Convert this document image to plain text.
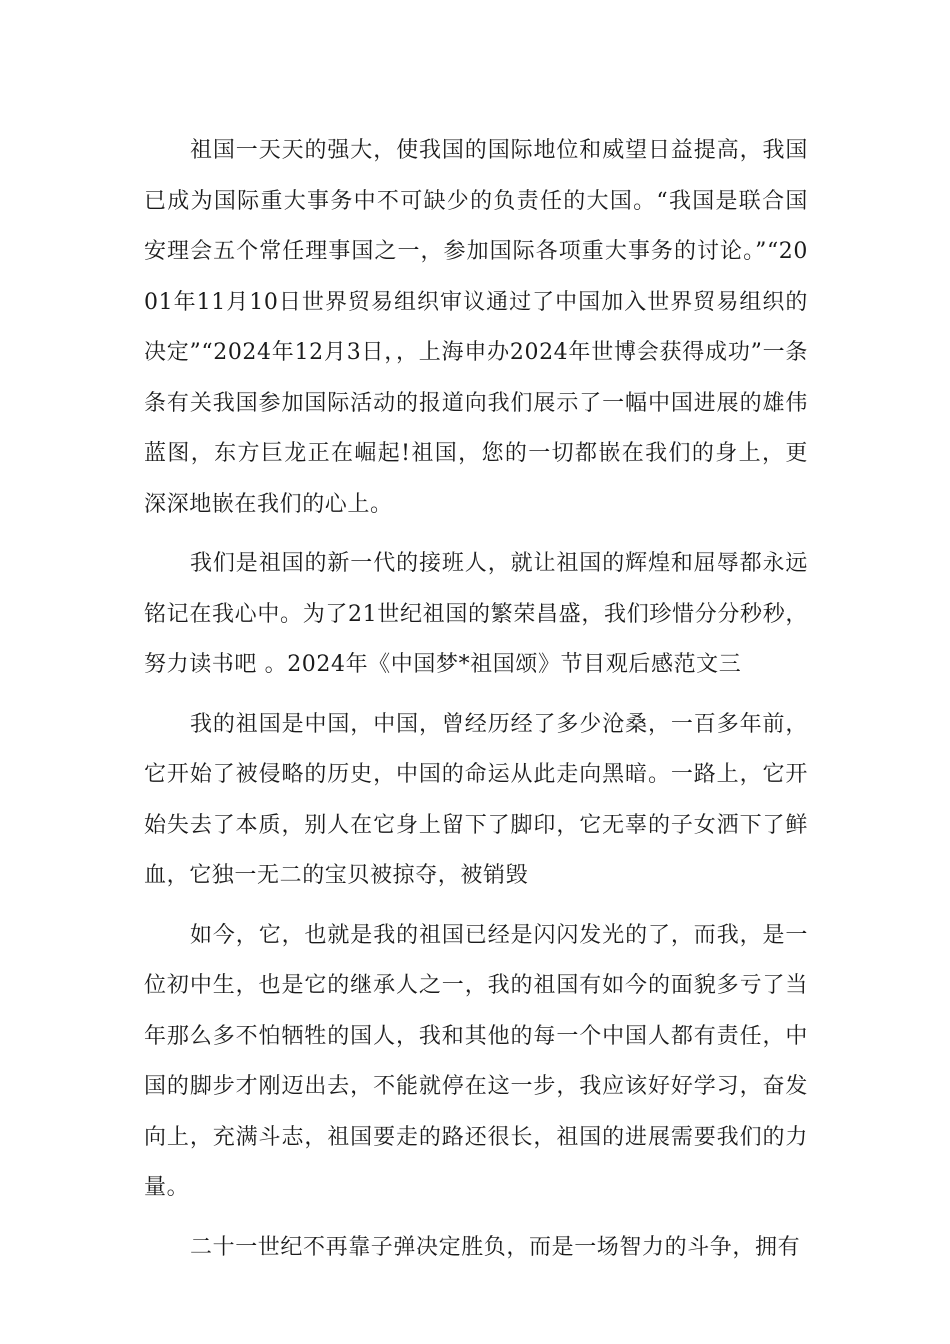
祖国一天天的强大，使我国的国际地位和威望日益提高，我国已成为国际重大事务中不可缺少的负责任的大国。“我国是联合国安理会五个常任理事国之一，参加国际各项重大事务的讨论。”“2001年11月10日世界贸易组织审议通过了中国加入世界贸易组织的决定”“2024年12月3日，，上海申办2024年世博会获得成功”一条条有关我国参加国际活动的报道向我们展示了一幅中国进展的雄伟蓝图，东方巨龙正在崛起!祖国，您的一切都嵌在我们的身上，更深深地嵌在我们的心上。

我们是祖国的新一代的接班人，就让祖国的辉煌和屈辱都永远铭记在我心中。为了21世纪祖国的繁荣昌盛，我们珍惜分分秒秒，努力读书吧 。2024年《中国梦*祖国颂》节目观后感范文三

我的祖国是中国，中国，曾经历经了多少沧桑，一百多年前，它开始了被侵略的历史，中国的命运从此走向黑暗。一路上，它开始失去了本质，别人在它身上留下了脚印，它无辜的子女洒下了鲜血，它独一无二的宝贝被掠夺，被销毁

如今，它，也就是我的祖国已经是闪闪发光的了，而我，是一位初中生，也是它的继承人之一，我的祖国有如今的面貌多亏了当年那么多不怕牺牲的国人，我和其他的每一个中国人都有责任，中国的脚步才刚迈出去，不能就停在这一步，我应该好好学习，奋发向上，充满斗志，祖国要走的路还很长，祖国的进展需要我们的力量。

二十一世纪不再靠子弹决定胜负，而是一场智力的斗争，拥有
